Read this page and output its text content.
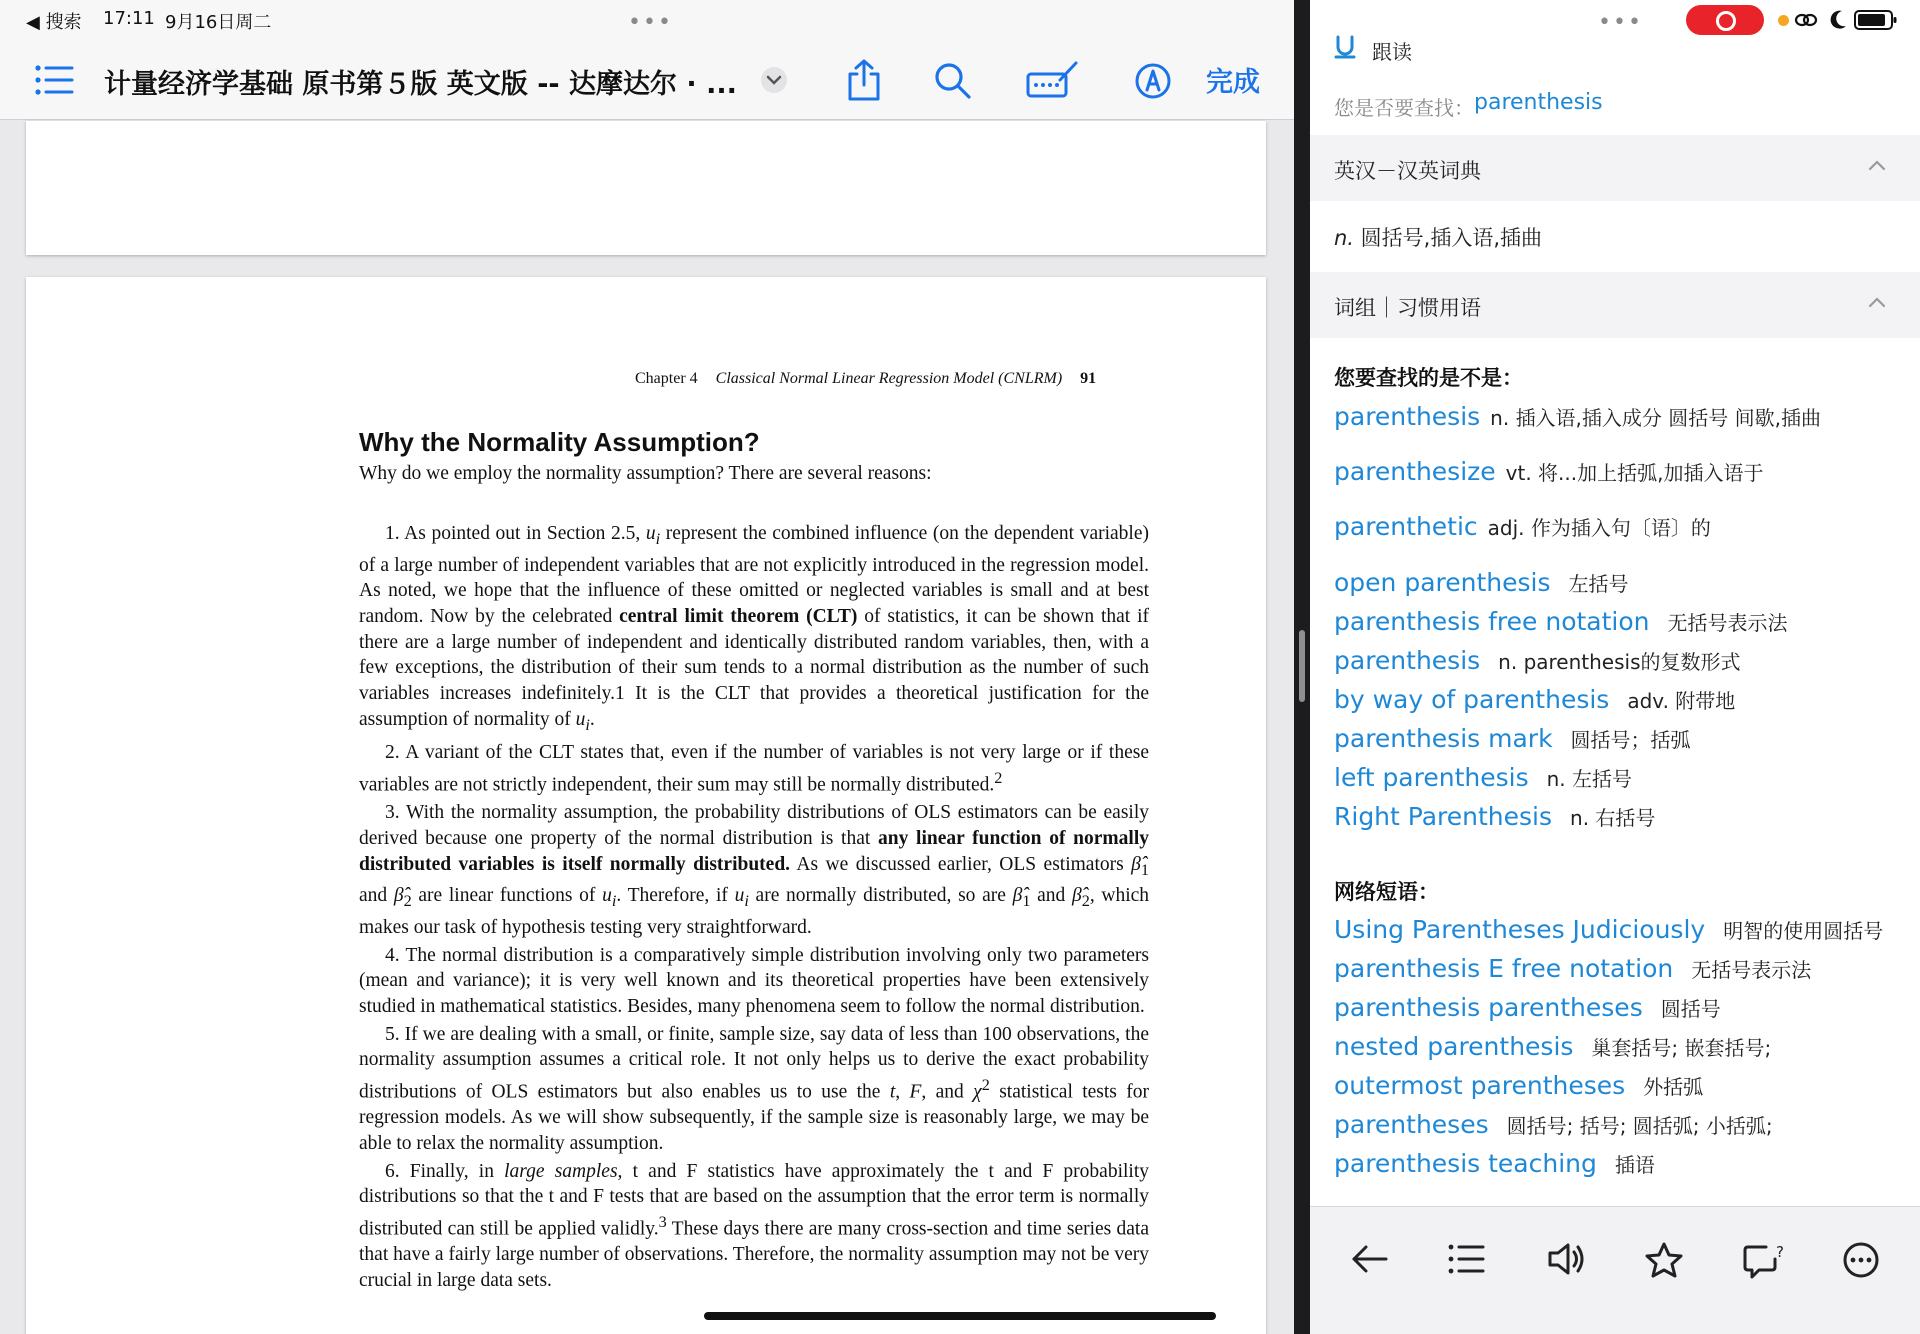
◀ 搜索 17:11 9月16日周二	•••
计量经济学基础 原书第５版 英文版 -- 达摩达尔 · ...	完成
Chapter 4 Classical Normal Linear Regression Model (CNLRM) 91
Why the Normality Assumption?
Why do we employ the normality assumption? There are several reasons:

1. As pointed out in Section 2.5, $u_i$ represent the combined influence (on the dependent variable) of a large number of independent variables that are not explicitly introduced in the regression model. As noted, we hope that the influence of these omitted or neglected variables is small and at best random. Now by the celebrated central limit theorem (CLT) of statistics, it can be shown that if there are a large number of independent and identically distributed random variables, then, with a few exceptions, the distribution of their sum tends to a normal distribution as the number of such variables increases indefinitely.1 It is the CLT that provides a theoretical justification for the assumption of normality of $u_i$.

2. A variant of the CLT states that, even if the number of variables is not very large or if these variables are not strictly independent, their sum may still be normally distributed.$^2$

3. With the normality assumption, the probability distributions of OLS estimators can be easily derived because one property of the normal distribution is that any linear function of normally distributed variables is itself normally distributed. As we discussed earlier, OLS estimators $\betâ_1$ and $\betâ_2$ are linear functions of $u_i$. Therefore, if $u_i$ are normally distributed, so are $\betâ_1$ and $\betâ_2$, which makes our task of hypothesis testing very straightforward.

4. The normal distribution is a comparatively simple distribution involving only two parameters (mean and variance); it is very well known and its theoretical properties have been extensively studied in mathematical statistics. Besides, many phenomena seem to follow the normal distribution.

5. If we are dealing with a small, or finite, sample size, say data of less than 100 observations, the normality assumption assumes a critical role. It not only helps us to derive the exact probability distributions of OLS estimators but also enables us to use the t, F, and $\chi^2$ statistical tests for regression models. As we will show subsequently, if the sample size is reasonably large, we may be able to relax the normality assumption.

6. Finally, in large samples, t and F statistics have approximately the t and F probability distributions so that the t and F tests that are based on the assumption that the error term is normally distributed can still be applied validly.$^3$ These days there are many cross-section and time series data that have a fairly large number of observations. Therefore, the normality assumption may not be very crucial in large data sets.

•••
跟读
您是否要查找： parenthesis
英汉－汉英词典
n. 圆括号,插入语,插曲
词组｜习惯用语
您要查找的是不是：
parenthesis n. 插入语,插入成分 圆括号 间歇,插曲
parenthesize vt. 将...加上括弧,加插入语于
parenthetic adj. 作为插入句〔语〕的
open parenthesis 左括号
parenthesis free notation 无括号表示法
parenthesis n. parenthesis的复数形式
by way of parenthesis adv. 附带地
parenthesis mark 圆括号；括弧
left parenthesis n. 左括号
Right Parenthesis n. 右括号
网络短语：
Using Parentheses Judiciously 明智的使用圆括号
parenthesis E free notation 无括号表示法
parenthesis parentheses 圆括号
nested parenthesis 巢套括号; 嵌套括号;
outermost parentheses 外括弧
parentheses 圆括号; 括号; 圆括弧; 小括弧;
parenthesis teaching 插语
?
